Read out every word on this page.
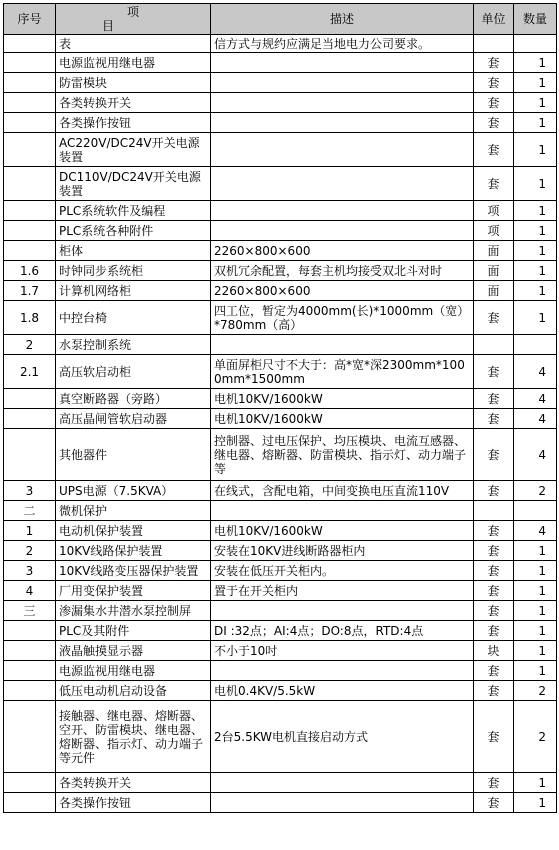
序号	项目	描述	单位	数量
	表	信方式与规约应满足当地电力公司要求。		
	电源监视用继电器		套	1
	防雷模块		套	1
	各类转换开关		套	1
	各类操作按钮		套	1
	AC220V/DC24V开关电源装置		套	1
	DC110V/DC24V开关电源装置		套	1
	PLC系统软件及编程		项	1
	PLC系统各种附件		项	1
	柜体	2260×800×600	面	1
1.6	时钟同步系统柜	双机冗余配置，每套主机均接受双北斗对时	面	1
1.7	计算机网络柜	2260×800×600	面	1
1.8	中控台椅	四工位，暂定为4000mm(长)*1000mm（宽）*780mm（高）	套	1
2	水泵控制系统			
2.1	高压软启动柜	单面屏柜尺寸不大于：高*宽*深2300mm*1000mm*1500mm	套	4
	真空断路器（旁路）	电机10KV/1600kW	套	4
	高压晶闸管软启动器	电机10KV/1600kW	套	4
	其他器件	控制器、过电压保护、均压模块、电流互感器、继电器、熔断器、防雷模块、指示灯、动力端子等	套	4
3	UPS电源（7.5KVA）	在线式，含配电箱，中间变换电压直流110V	套	2
二	微机保护			
1	电动机保护装置	电机10KV/1600kW	套	4
2	10KV线路保护装置	安装在10KV进线断路器柜内	套	1
3	10KV线路变压器保护装置	安装在低压开关柜内。	套	1
4	厂用变保护装置	置于在开关柜内	套	1
三	渗漏集水井潜水泵控制屏		套	1
	PLC及其附件	DI :32点；AI:4点；DO:8点，RTD:4点	套	1
	液晶触摸显示器	不小于10吋	块	1
	电源监视用继电器		套	1
	低压电动机启动设备	电机0.4KV/5.5kW	套	2
	接触器、继电器、熔断器、空开、防雷模块、继电器、熔断器、指示灯、动力端子等元件	2台5.5KW电机直接启动方式	套	2
	各类转换开关		套	1
	各类操作按钮		套	1
